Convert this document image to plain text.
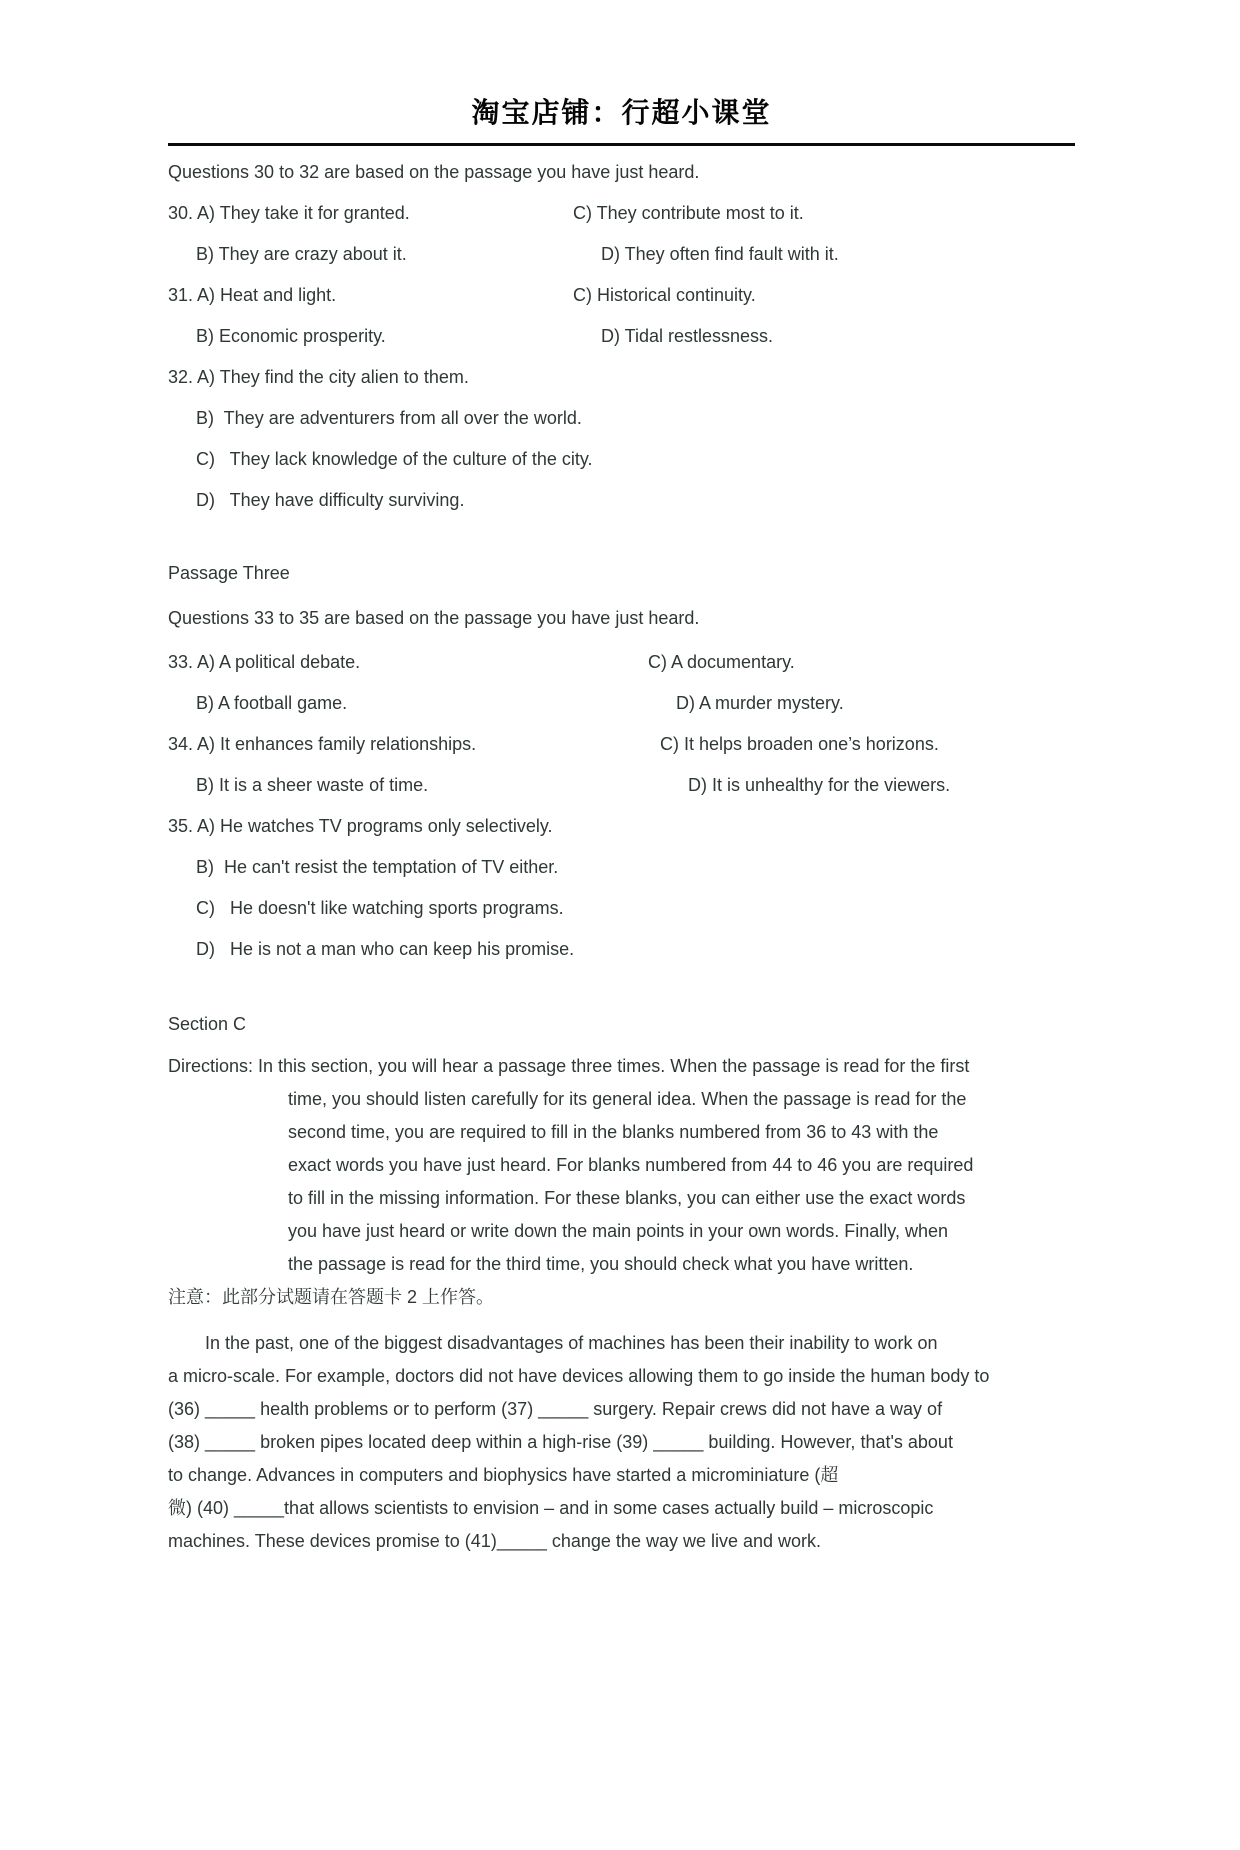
淘宝店铺：行超小课堂
Questions 30 to 32 are based on the passage you have just heard.
30. A) They take it for granted.	C) They contribute most to it.
B) They are crazy about it.	D) They often find fault with it.
31. A) Heat and light.	C) Historical continuity.
B) Economic prosperity.	D) Tidal restlessness.
32. A) They find the city alien to them.
B)  They are adventurers from all over the world.
C)   They lack knowledge of the culture of the city.
D)   They have difficulty surviving.
Passage Three
Questions 33 to 35 are based on the passage you have just heard.
33. A) A political debate.	C) A documentary.
B) A football game.	D) A murder mystery.
34. A) It enhances family relationships.	C) It helps broaden one’s horizons.
B) It is a sheer waste of time.	D) It is unhealthy for the viewers.
35. A) He watches TV programs only selectively.
B)  He can't resist the temptation of TV either.
C)   He doesn't like watching sports programs.
D)   He is not a man who can keep his promise.
Section C
Directions: In this section, you will hear a passage three times. When the passage is read for the first
time, you should listen carefully for its general idea. When the passage is read for the
second time, you are required to fill in the blanks numbered from 36 to 43 with the
exact words you have just heard. For blanks numbered from 44 to 46 you are required
to fill in the missing information. For these blanks, you can either use the exact words
you have just heard or write down the main points in your own words. Finally, when
the passage is read for the third time, you should check what you have written.
注意：此部分试题请在答题卡 2 上作答。
In the past, one of the biggest disadvantages of machines has been their inability to work on
a micro-scale. For example, doctors did not have devices allowing them to go inside the human body to
(36) _____ health problems or to perform (37) _____ surgery. Repair crews did not have a way of
(38) _____ broken pipes located deep within a high-rise (39) _____ building. However, that's about
to change. Advances in computers and biophysics have started a microminiature (超
微) (40) _____that allows scientists to envision – and in some cases actually build – microscopic
machines. These devices promise to (41)_____ change the way we live and work.
